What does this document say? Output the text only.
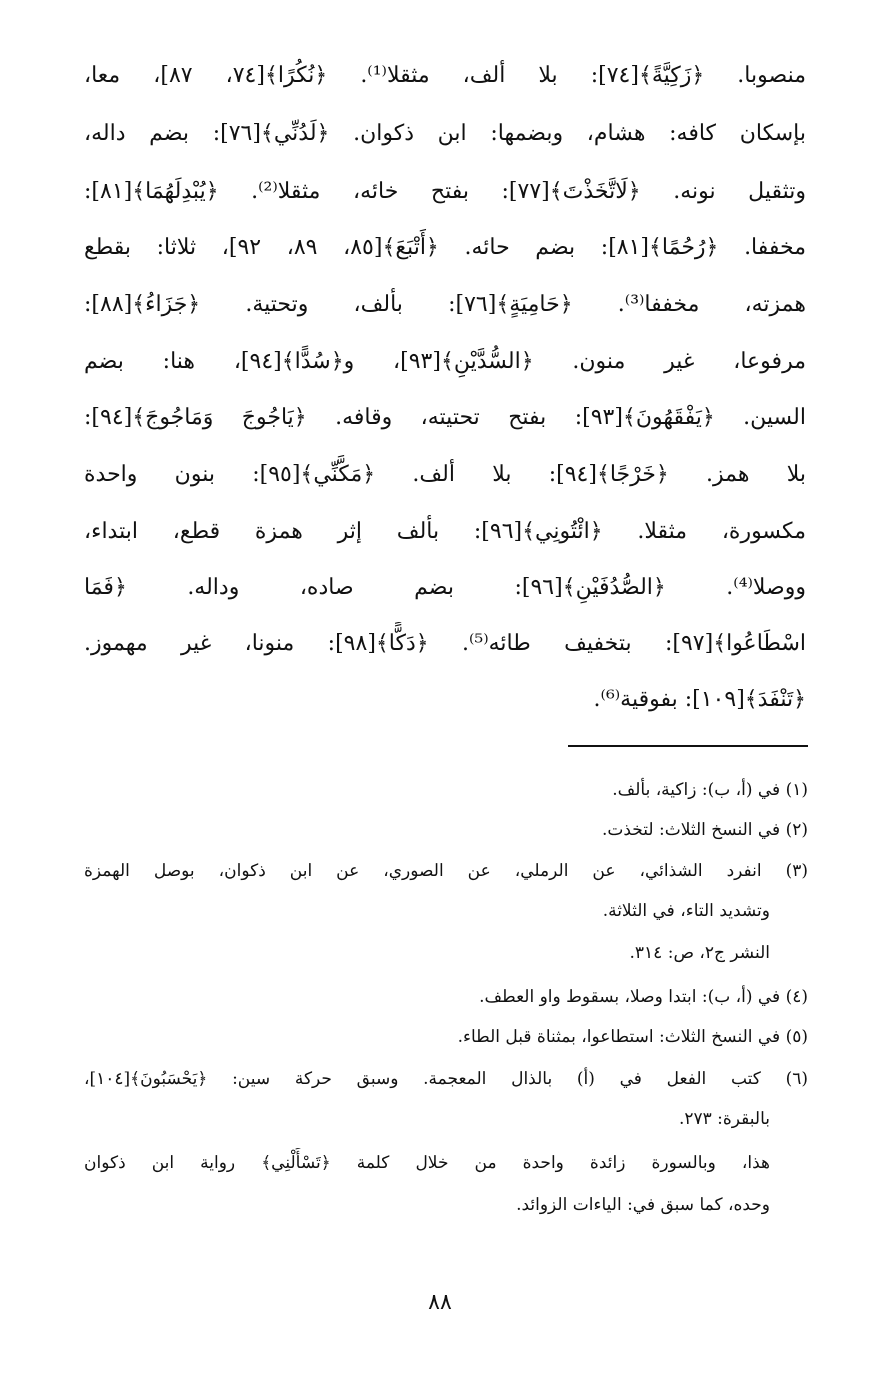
منصوبا. ﴿زَكِيَّةً﴾[٧٤]: بلا ألف، مثقلا⁽¹⁾. ﴿نُكُرًا﴾[٧٤، ٨٧]، معا،
بإسكان كافه: هشام، وبضمها: ابن ذكوان. ﴿لَدُنِّي﴾[٧٦]: بضم داله،
وتثقيل نونه. ﴿لَاتَّخَذْتَ﴾[٧٧]: بفتح خائه، مثقلا⁽²⁾. ﴿يُبْدِلَهُمَا﴾[٨١]:
مخففا. ﴿رُحُمًا﴾[٨١]: بضم حائه. ﴿أَتْبَعَ﴾[٨٥، ٨٩، ٩٢]، ثلاثا: بقطع
همزته، مخففا⁽³⁾. ﴿حَامِيَةٍ﴾[٧٦]: بألف، وتحتية. ﴿جَزَاءُ﴾[٨٨]:
مرفوعا، غير منون. ﴿السُّدَّيْنِ﴾[٩٣]، و﴿سُدًّا﴾[٩٤]، هنا: بضم
السين. ﴿يَفْقَهُونَ﴾[٩٣]: بفتح تحتيته، وقافه. ﴿يَاجُوجَ وَمَاجُوجَ﴾[٩٤]:
بلا همز. ﴿خَرْجًا﴾[٩٤]: بلا ألف. ﴿مَكَّنِّي﴾[٩٥]: بنون واحدة
مكسورة، مثقلا. ﴿ائْتُونِي﴾[٩٦]: بألف إثر همزة قطع، ابتداء،
ووصلا⁽⁴⁾. ﴿الصُّدُفَيْنِ﴾[٩٦]: بضم صاده، وداله. ﴿فَمَا
اسْطَاعُوا﴾[٩٧]: بتخفيف طائه⁽⁵⁾. ﴿دَكًّا﴾[٩٨]: منونا، غير مهموز.
﴿تَنْفَدَ﴾[١٠٩]: بفوقية⁽⁶⁾.
(١) في (أ، ب): زاكية، بألف.
(٢) في النسخ الثلاث: لتخذت.
(٣) انفرد الشذائي، عن الرملي، عن الصوري، عن ابن ذكوان، بوصل الهمزة
وتشديد التاء، في الثلاثة.
النشر ج٢، ص: ٣١٤.
(٤) في (أ، ب): ابتدا وصلا، بسقوط واو العطف.
(٥) في النسخ الثلاث: استطاعوا، بمثناة قبل الطاء.
(٦) كتب الفعل في (أ) بالذال المعجمة. وسبق حركة سين: ﴿يَحْسَبُونَ﴾[١٠٤]،
بالبقرة: ٢٧٣.
هذا، وبالسورة زائدة واحدة من خلال كلمة ﴿تَسْأَلْنِي﴾ رواية ابن ذكوان
وحده، كما سبق في: الياءات الزوائد.
٨٨
